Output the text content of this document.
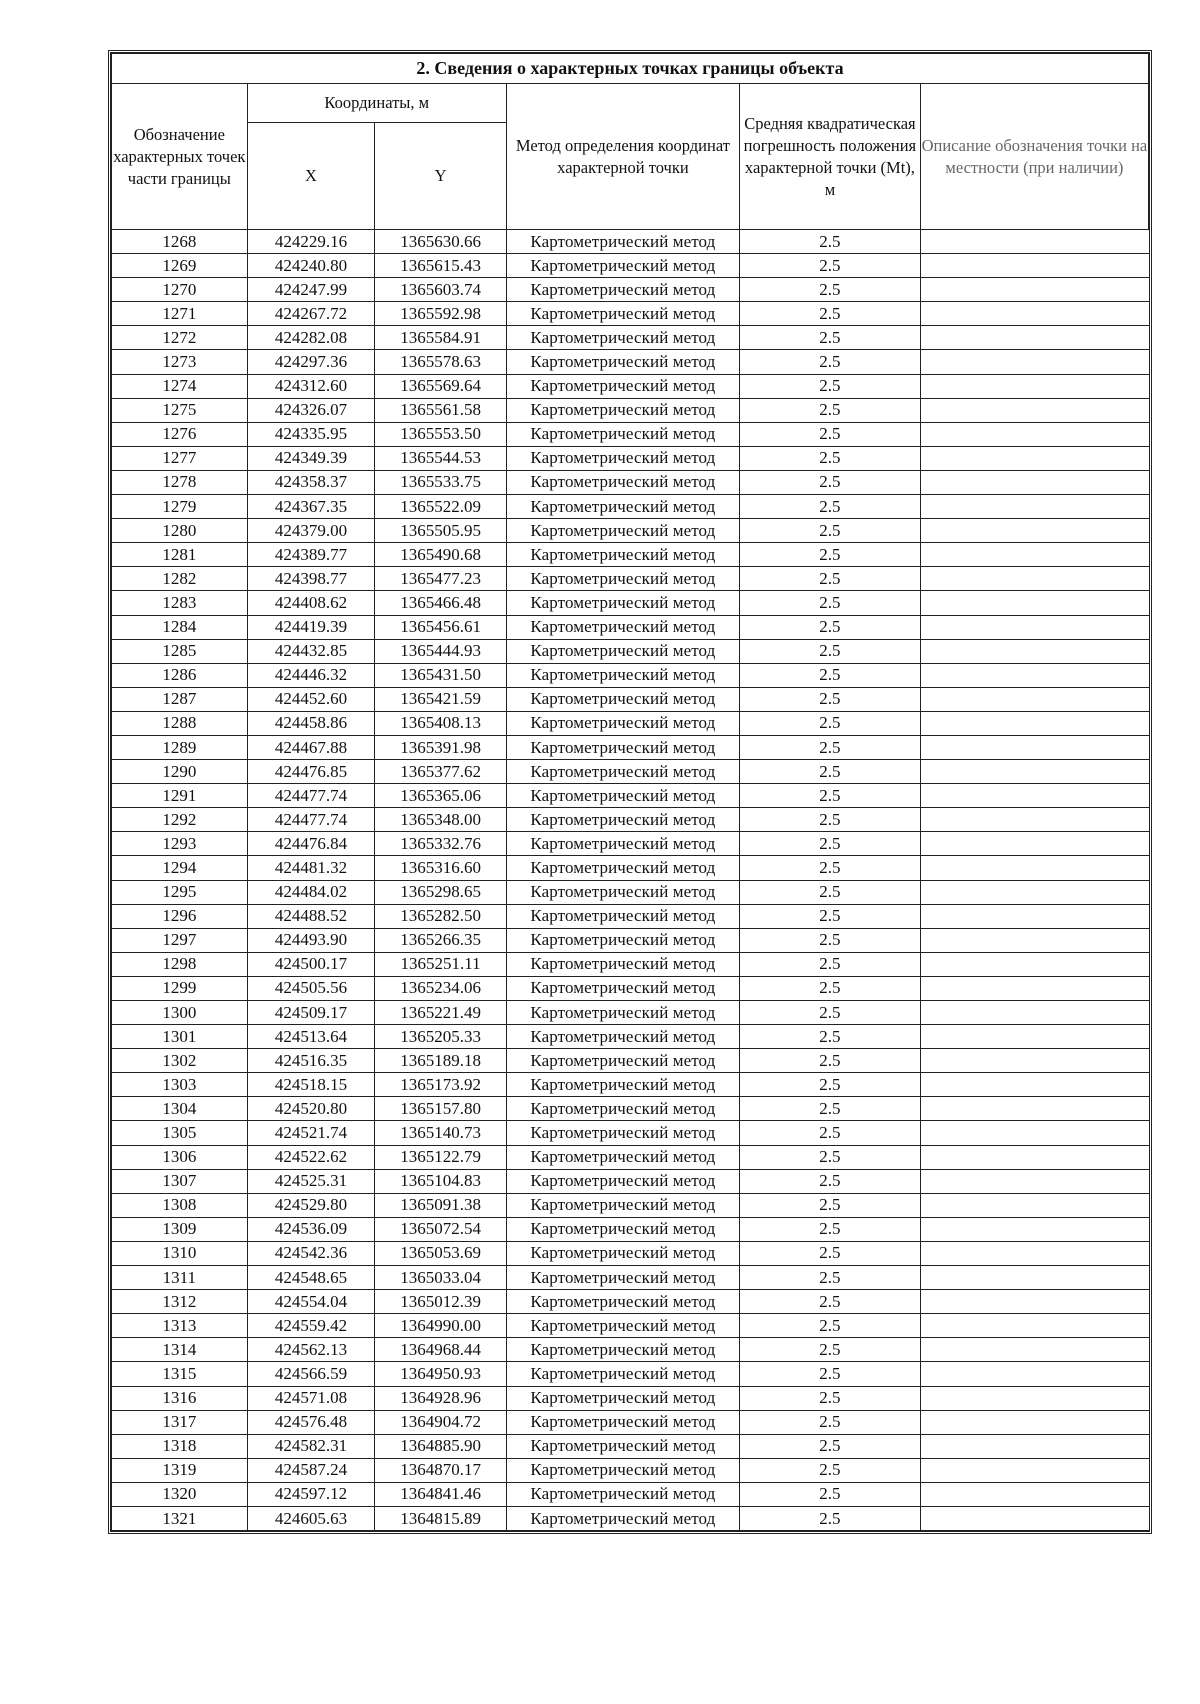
2. Сведения о характерных точках границы объекта					
Обозначение характерных точек части границы	Координаты, м		Метод определения координат характерной точки	Средняя квадратическая погрешность положения характерной точки (Mt), м	Описание обозначения точки на местности (при наличии)
	X	Y			
1268	424229.16	1365630.66	Картометрический метод	2.5	
1269	424240.80	1365615.43	Картометрический метод	2.5	
1270	424247.99	1365603.74	Картометрический метод	2.5	
1271	424267.72	1365592.98	Картометрический метод	2.5	
1272	424282.08	1365584.91	Картометрический метод	2.5	
1273	424297.36	1365578.63	Картометрический метод	2.5	
1274	424312.60	1365569.64	Картометрический метод	2.5	
1275	424326.07	1365561.58	Картометрический метод	2.5	
1276	424335.95	1365553.50	Картометрический метод	2.5	
1277	424349.39	1365544.53	Картометрический метод	2.5	
1278	424358.37	1365533.75	Картометрический метод	2.5	
1279	424367.35	1365522.09	Картометрический метод	2.5	
1280	424379.00	1365505.95	Картометрический метод	2.5	
1281	424389.77	1365490.68	Картометрический метод	2.5	
1282	424398.77	1365477.23	Картометрический метод	2.5	
1283	424408.62	1365466.48	Картометрический метод	2.5	
1284	424419.39	1365456.61	Картометрический метод	2.5	
1285	424432.85	1365444.93	Картометрический метод	2.5	
1286	424446.32	1365431.50	Картометрический метод	2.5	
1287	424452.60	1365421.59	Картометрический метод	2.5	
1288	424458.86	1365408.13	Картометрический метод	2.5	
1289	424467.88	1365391.98	Картометрический метод	2.5	
1290	424476.85	1365377.62	Картометрический метод	2.5	
1291	424477.74	1365365.06	Картометрический метод	2.5	
1292	424477.74	1365348.00	Картометрический метод	2.5	
1293	424476.84	1365332.76	Картометрический метод	2.5	
1294	424481.32	1365316.60	Картометрический метод	2.5	
1295	424484.02	1365298.65	Картометрический метод	2.5	
1296	424488.52	1365282.50	Картометрический метод	2.5	
1297	424493.90	1365266.35	Картометрический метод	2.5	
1298	424500.17	1365251.11	Картометрический метод	2.5	
1299	424505.56	1365234.06	Картометрический метод	2.5	
1300	424509.17	1365221.49	Картометрический метод	2.5	
1301	424513.64	1365205.33	Картометрический метод	2.5	
1302	424516.35	1365189.18	Картометрический метод	2.5	
1303	424518.15	1365173.92	Картометрический метод	2.5	
1304	424520.80	1365157.80	Картометрический метод	2.5	
1305	424521.74	1365140.73	Картометрический метод	2.5	
1306	424522.62	1365122.79	Картометрический метод	2.5	
1307	424525.31	1365104.83	Картометрический метод	2.5	
1308	424529.80	1365091.38	Картометрический метод	2.5	
1309	424536.09	1365072.54	Картометрический метод	2.5	
1310	424542.36	1365053.69	Картометрический метод	2.5	
1311	424548.65	1365033.04	Картометрический метод	2.5	
1312	424554.04	1365012.39	Картометрический метод	2.5	
1313	424559.42	1364990.00	Картометрический метод	2.5	
1314	424562.13	1364968.44	Картометрический метод	2.5	
1315	424566.59	1364950.93	Картометрический метод	2.5	
1316	424571.08	1364928.96	Картометрический метод	2.5	
1317	424576.48	1364904.72	Картометрический метод	2.5	
1318	424582.31	1364885.90	Картометрический метод	2.5	
1319	424587.24	1364870.17	Картометрический метод	2.5	
1320	424597.12	1364841.46	Картометрический метод	2.5	
1321	424605.63	1364815.89	Картометрический метод	2.5	
